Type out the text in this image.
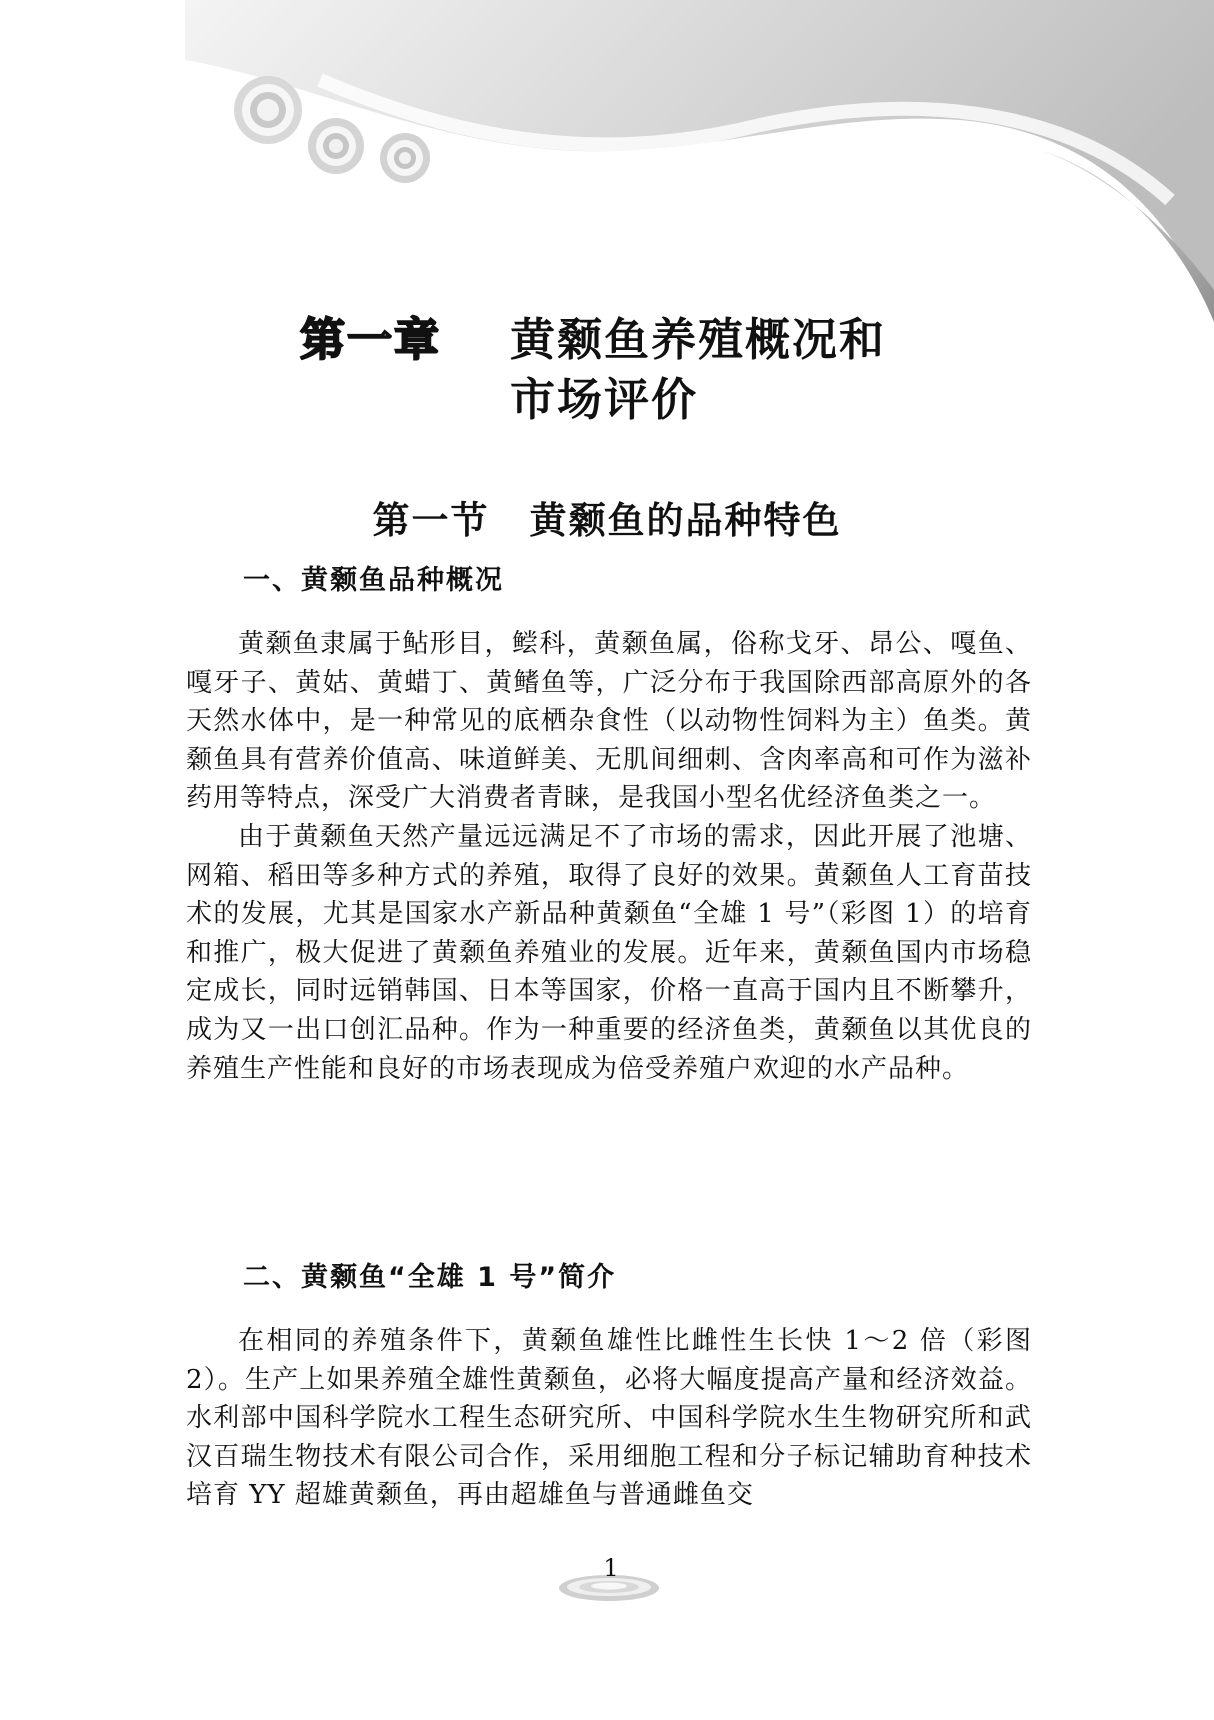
第一章 黄颡鱼养殖概况和
市场评价
第一节 黄颡鱼的品种特色
一、黄颡鱼品种概况

黄颡鱼隶属于鲇形目，鲿科，黄颡鱼属，俗称戈牙、昂公、嘎鱼、嘎牙子、黄姑、黄蜡丁、黄鳍鱼等，广泛分布于我国除西部高原外的各天然水体中，是一种常见的底栖杂食性（以动物性饲料为主）鱼类。黄颡鱼具有营养价值高、味道鲜美、无肌间细刺、含肉率高和可作为滋补药用等特点，深受广大消费者青睐，是我国小型名优经济鱼类之一。

由于黄颡鱼天然产量远远满足不了市场的需求，因此开展了池塘、网箱、稻田等多种方式的养殖，取得了良好的效果。黄颡鱼人工育苗技术的发展，尤其是国家水产新品种黄颡鱼“全雄 1 号”（彩图 1）的培育和推广，极大促进了黄颡鱼养殖业的发展。近年来，黄颡鱼国内市场稳定成长，同时远销韩国、日本等国家，价格一直高于国内且不断攀升，成为又一出口创汇品种。作为一种重要的经济鱼类，黄颡鱼以其优良的养殖生产性能和良好的市场表现成为倍受养殖户欢迎的水产品种。

二、黄颡鱼“全雄 1 号”简介

在相同的养殖条件下，黄颡鱼雄性比雌性生长快 1～2 倍（彩图 2）。生产上如果养殖全雄性黄颡鱼，必将大幅度提高产量和经济效益。水利部中国科学院水工程生态研究所、中国科学院水生生物研究所和武汉百瑞生物技术有限公司合作，采用细胞工程和分子标记辅助育种技术培育 YY 超雄黄颡鱼，再由超雄鱼与普通雌鱼交

1
